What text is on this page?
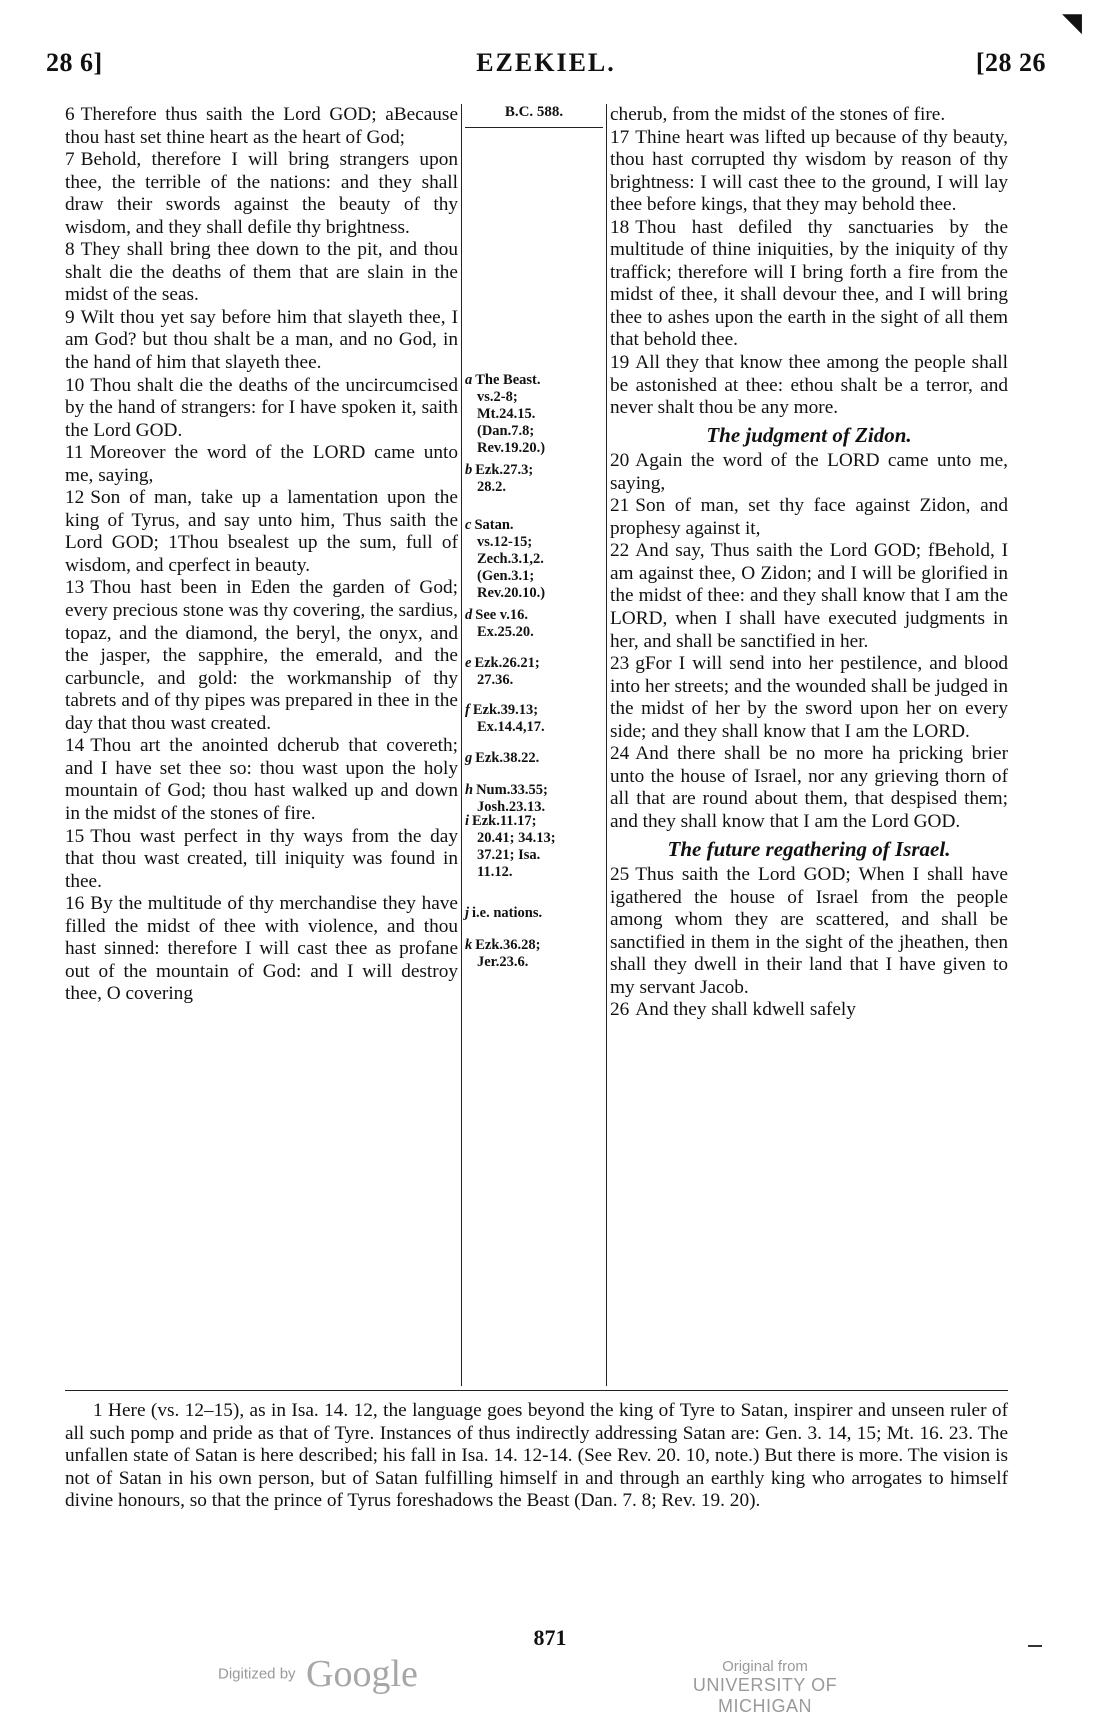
◥
28 6]	EZEKIEL.	[28 26

6 Therefore thus saith the Lord GOD; aBecause thou hast set thine heart as the heart of God;

7 Behold, therefore I will bring strangers upon thee, the terrible of the nations: and they shall draw their swords against the beauty of thy wisdom, and they shall defile thy brightness.

8 They shall bring thee down to the pit, and thou shalt die the deaths of them that are slain in the midst of the seas.

9 Wilt thou yet say before him that slayeth thee, I am God? but thou shalt be a man, and no God, in the hand of him that slayeth thee.

10 Thou shalt die the deaths of the uncircumcised by the hand of strangers: for I have spoken it, saith the Lord GOD.

11 Moreover the word of the LORD came unto me, saying,

12 Son of man, take up a lamentation upon the king of Tyrus, and say unto him, Thus saith the Lord GOD; 1Thou bsealest up the sum, full of wisdom, and cperfect in beauty.

13 Thou hast been in Eden the garden of God; every precious stone was thy covering, the sardius, topaz, and the diamond, the beryl, the onyx, and the jasper, the sapphire, the emerald, and the carbuncle, and gold: the workmanship of thy tabrets and of thy pipes was prepared in thee in the day that thou wast created.

14 Thou art the anointed dcherub that covereth; and I have set thee so: thou wast upon the holy mountain of God; thou hast walked up and down in the midst of the stones of fire.

15 Thou wast perfect in thy ways from the day that thou wast created, till iniquity was found in thee.

16 By the multitude of thy merchandise they have filled the midst of thee with violence, and thou hast sinned: therefore I will cast thee as profane out of the mountain of God: and I will destroy thee, O covering

B.C. 588.
a The Beast.
vs.2-8;
Mt.24.15.
(Dan.7.8;
Rev.19.20.)
b Ezk.27.3;
28.2.
c Satan.
vs.12-15;
Zech.3.1,2.
(Gen.3.1;
Rev.20.10.)
d See v.16.
Ex.25.20.
e Ezk.26.21;
27.36.
f Ezk.39.13;
Ex.14.4,17.
g Ezk.38.22.
h Num.33.55;
Josh.23.13.
i Ezk.11.17;
20.41; 34.13;
37.21; Isa.
11.12.
j i.e. nations.
k Ezk.36.28;
Jer.23.6.

cherub, from the midst of the stones of fire.

17 Thine heart was lifted up because of thy beauty, thou hast corrupted thy wisdom by reason of thy brightness: I will cast thee to the ground, I will lay thee before kings, that they may behold thee.

18 Thou hast defiled thy sanctuaries by the multitude of thine iniquities, by the iniquity of thy traffick; therefore will I bring forth a fire from the midst of thee, it shall devour thee, and I will bring thee to ashes upon the earth in the sight of all them that behold thee.

19 All they that know thee among the people shall be astonished at thee: ethou shalt be a terror, and never shalt thou be any more.

The judgment of Zidon.

20 Again the word of the LORD came unto me, saying,

21 Son of man, set thy face against Zidon, and prophesy against it,

22 And say, Thus saith the Lord GOD; fBehold, I am against thee, O Zidon; and I will be glorified in the midst of thee: and they shall know that I am the LORD, when I shall have executed judgments in her, and shall be sanctified in her.

23 gFor I will send into her pestilence, and blood into her streets; and the wounded shall be judged in the midst of her by the sword upon her on every side; and they shall know that I am the LORD.

24 And there shall be no more ha pricking brier unto the house of Israel, nor any grieving thorn of all that are round about them, that despised them; and they shall know that I am the Lord GOD.

The future regathering of Israel.

25 Thus saith the Lord GOD; When I shall have igathered the house of Israel from the people among whom they are scattered, and shall be sanctified in them in the sight of the jheathen, then shall they dwell in their land that I have given to my servant Jacob.

26 And they shall kdwell safely

1 Here (vs. 12–15), as in Isa. 14. 12, the language goes beyond the king of Tyre to Satan, inspirer and unseen ruler of all such pomp and pride as that of Tyre. Instances of thus indirectly addressing Satan are: Gen. 3. 14, 15; Mt. 16. 23. The unfallen state of Satan is here described; his fall in Isa. 14. 12-14. (See Rev. 20. 10, note.) But there is more. The vision is not of Satan in his own person, but of Satan fulfilling himself in and through an earthly king who arrogates to himself divine honours, so that the prince of Tyrus foreshadows the Beast (Dan. 7. 8; Rev. 19. 20).
871
Digitized by Google	Original from
UNIVERSITY OF MICHIGAN
